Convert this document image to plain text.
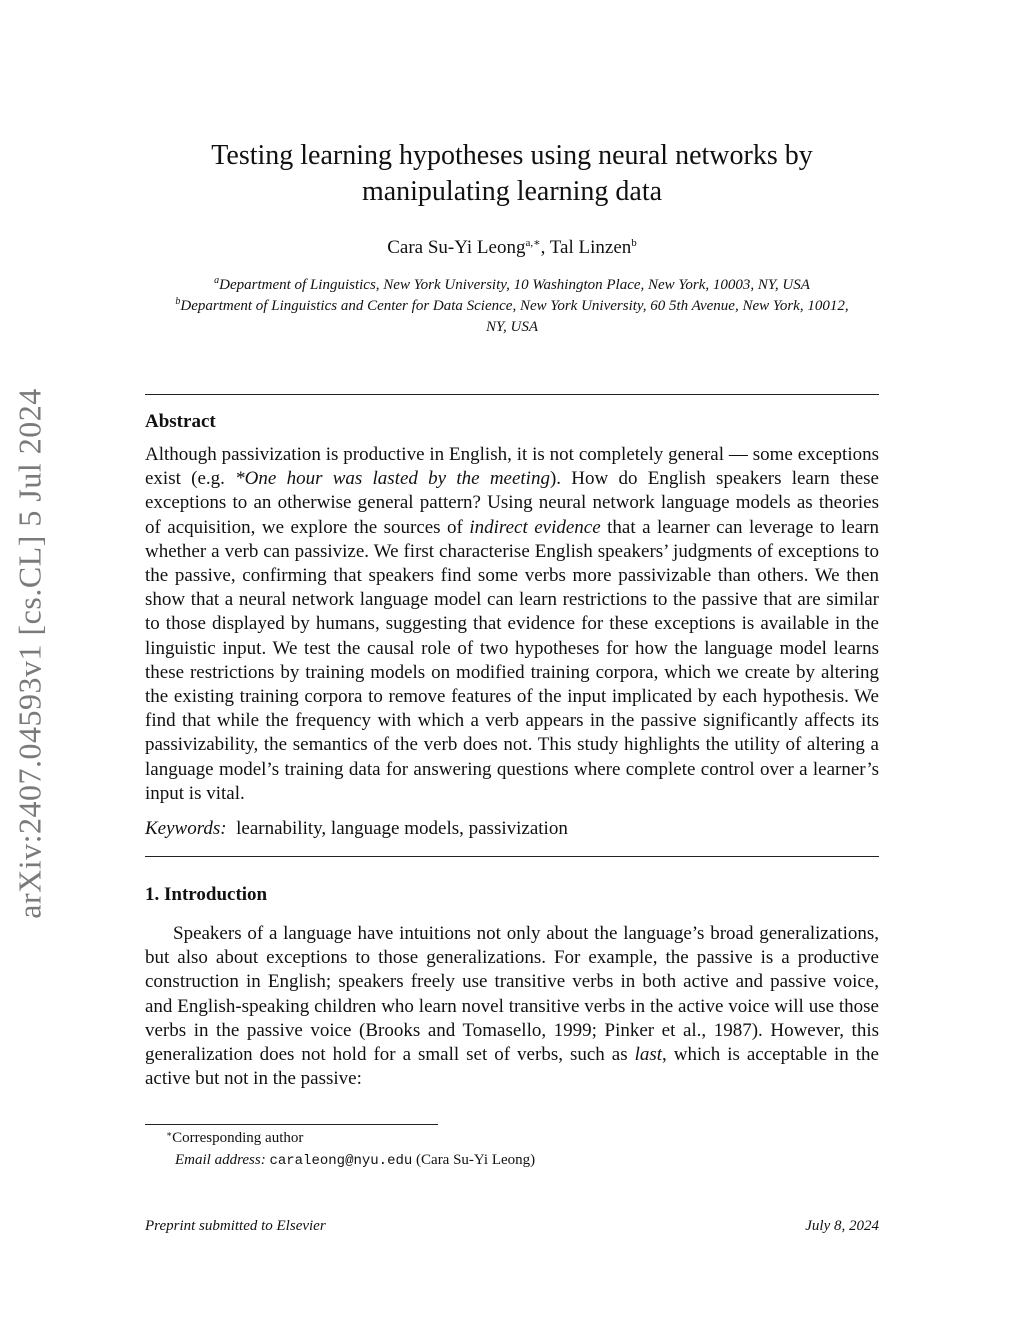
arXiv:2407.04593v1 [cs.CL] 5 Jul 2024
Testing learning hypotheses using neural networks by
manipulating learning data
Cara Su-Yi Leong$^{a,∗}$, Tal Linzen$^b$
$^a$Department of Linguistics, New York University, 10 Washington Place, New York, 10003, NY, USA
$^b$Department of Linguistics and Center for Data Science, New York University, 60 5th Avenue, New York, 10012, NY, USA
Abstract

Although passivization is productive in English, it is not completely general — some exceptions exist (e.g. *One hour was lasted by the meeting). How do English speakers learn these exceptions to an otherwise general pattern? Using neural network language models as theories of acquisition, we explore the sources of indirect evidence that a learner can leverage to learn whether a verb can passivize. We first characterise English speakers’ judgments of exceptions to the passive, confirming that speakers find some verbs more passivizable than others. We then show that a neural network language model can learn restrictions to the passive that are similar to those displayed by humans, suggesting that evidence for these exceptions is available in the linguistic input. We test the causal role of two hypotheses for how the language model learns these restrictions by training models on modified training corpora, which we create by altering the existing training corpora to remove features of the input implicated by each hypothesis. We find that while the frequency with which a verb appears in the passive significantly affects its passivizability, the semantics of the verb does not. This study highlights the utility of altering a language model’s training data for answering questions where complete control over a learner’s input is vital.

Keywords: learnability, language models, passivization
1. Introduction

Speakers of a language have intuitions not only about the language’s broad generalizations, but also about exceptions to those generalizations. For example, the passive is a productive construction in English; speakers freely use transitive verbs in both active and passive voice, and English-speaking children who learn novel transitive verbs in the active voice will use those verbs in the passive voice (Brooks and Tomasello, 1999; Pinker et al., 1987). However, this generalization does not hold for a small set of verbs, such as last, which is acceptable in the active but not in the passive:

∗Corresponding author
Email address: caraleong@nyu.edu (Cara Su-Yi Leong)
Preprint submitted to Elsevier	July 8, 2024
